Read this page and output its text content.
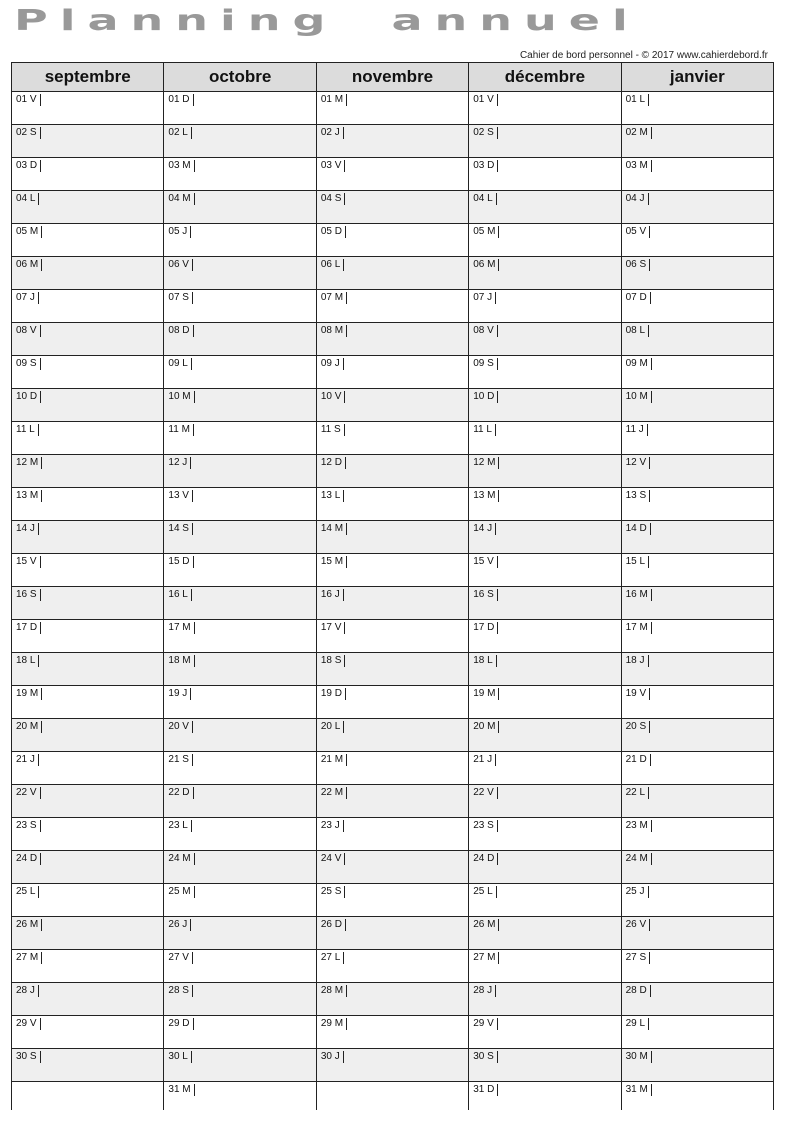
Planning annuel
Cahier de bord personnel - © 2017 www.cahierdebord.fr
septembre
01 V
02 S
03 D
04 L
05 M
06 M
07 J
08 V
09 S
10 D
11 L
12 M
13 M
14 J
15 V
16 S
17 D
18 L
19 M
20 M
21 J
22 V
23 S
24 D
25 L
26 M
27 M
28 J
29 V
30 S
octobre
01 D
02 L
03 M
04 M
05 J
06 V
07 S
08 D
09 L
10 M
11 M
12 J
13 V
14 S
15 D
16 L
17 M
18 M
19 J
20 V
21 S
22 D
23 L
24 M
25 M
26 J
27 V
28 S
29 D
30 L
31 M
novembre
01 M
02 J
03 V
04 S
05 D
06 L
07 M
08 M
09 J
10 V
11 S
12 D
13 L
14 M
15 M
16 J
17 V
18 S
19 D
20 L
21 M
22 M
23 J
24 V
25 S
26 D
27 L
28 M
29 M
30 J
décembre
01 V
02 S
03 D
04 L
05 M
06 M
07 J
08 V
09 S
10 D
11 L
12 M
13 M
14 J
15 V
16 S
17 D
18 L
19 M
20 M
21 J
22 V
23 S
24 D
25 L
26 M
27 M
28 J
29 V
30 S
31 D
janvier
01 L
02 M
03 M
04 J
05 V
06 S
07 D
08 L
09 M
10 M
11 J
12 V
13 S
14 D
15 L
16 M
17 M
18 J
19 V
20 S
21 D
22 L
23 M
24 M
25 J
26 V
27 S
28 D
29 L
30 M
31 M
